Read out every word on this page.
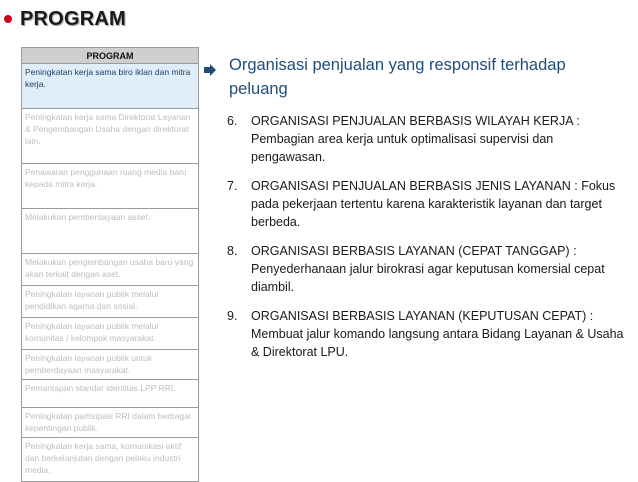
PROGRAM
PROGRAM
Peningkatan kerja sama biro iklan dan mitra kerja.
Peningkatan kerja sama Direktorat Layanan & Pengembangan Usaha dengan direktorat lain.
Penawaran penggunaan ruang media baru kepada mitra kerja.
Melakukan pemberdayaan asset.
Melakukan pengembangan usaha baru yang akan terkait dengan aset.
Peningkatan layanan publik melalui pendidikan agama dan sosial.
Peningkatan layanan publik melalui komunitas / kelompok masyarakat.
Peningkatan layanan publik untuk pemberdayaan masyarakat.
Pemantapan standar identitas LPP RRI.
Peningkatan partisipasi RRI dalam berbagai kepentingan publik.
Peningkatan kerja sama, komunikasi aktif dan berkelanjutan dengan pelaku industri media.
Organisasi penjualan yang responsif terhadap peluang
6.	ORGANISASI PENJUALAN BERBASIS WILAYAH KERJA : Pembagian area kerja untuk optimalisasi supervisi dan pengawasan.
7.	ORGANISASI PENJUALAN BERBASIS JENIS LAYANAN : Fokus pada pekerjaan tertentu karena karakteristik layanan dan target berbeda.
8.	ORGANISASI BERBASIS LAYANAN (CEPAT TANGGAP) : Penyederhanaan jalur birokrasi agar keputusan komersial cepat diambil.
9.	ORGANISASI BERBASIS LAYANAN (KEPUTUSAN CEPAT) : Membuat jalur komando langsung antara Bidang Layanan & Usaha & Direktorat LPU.
